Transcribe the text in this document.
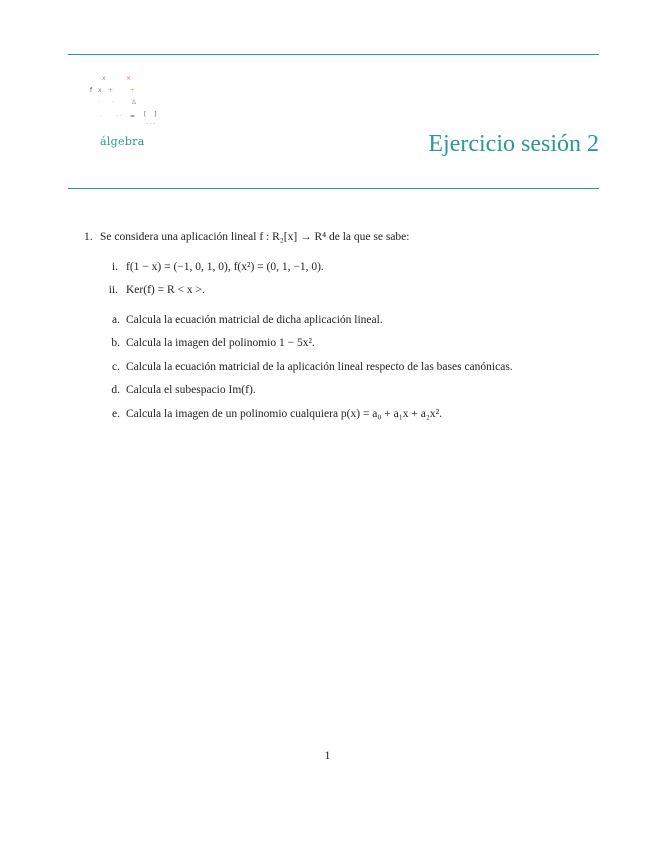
x	×
f x +	÷
· ·	Δ
· · · = [ ]
· · ·
álgebra	Ejercicio sesión 2
1. Se considera una aplicación lineal f : R₂[x] → R⁴ de la que se sabe:
i. f(1 − x) = (−1, 0, 1, 0), f(x²) = (0, 1, −1, 0).
ii. Ker(f) = R < x >.
a. Calcula la ecuación matricial de dicha aplicación lineal.
b. Calcula la imagen del polinomio 1 − 5x².
c. Calcula la ecuación matricial de la aplicación lineal respecto de las bases canónicas.
d. Calcula el subespacio Im(f).
e. Calcula la imagen de un polinomio cualquiera p(x) = a₀ + a₁x + a₂x².
1
